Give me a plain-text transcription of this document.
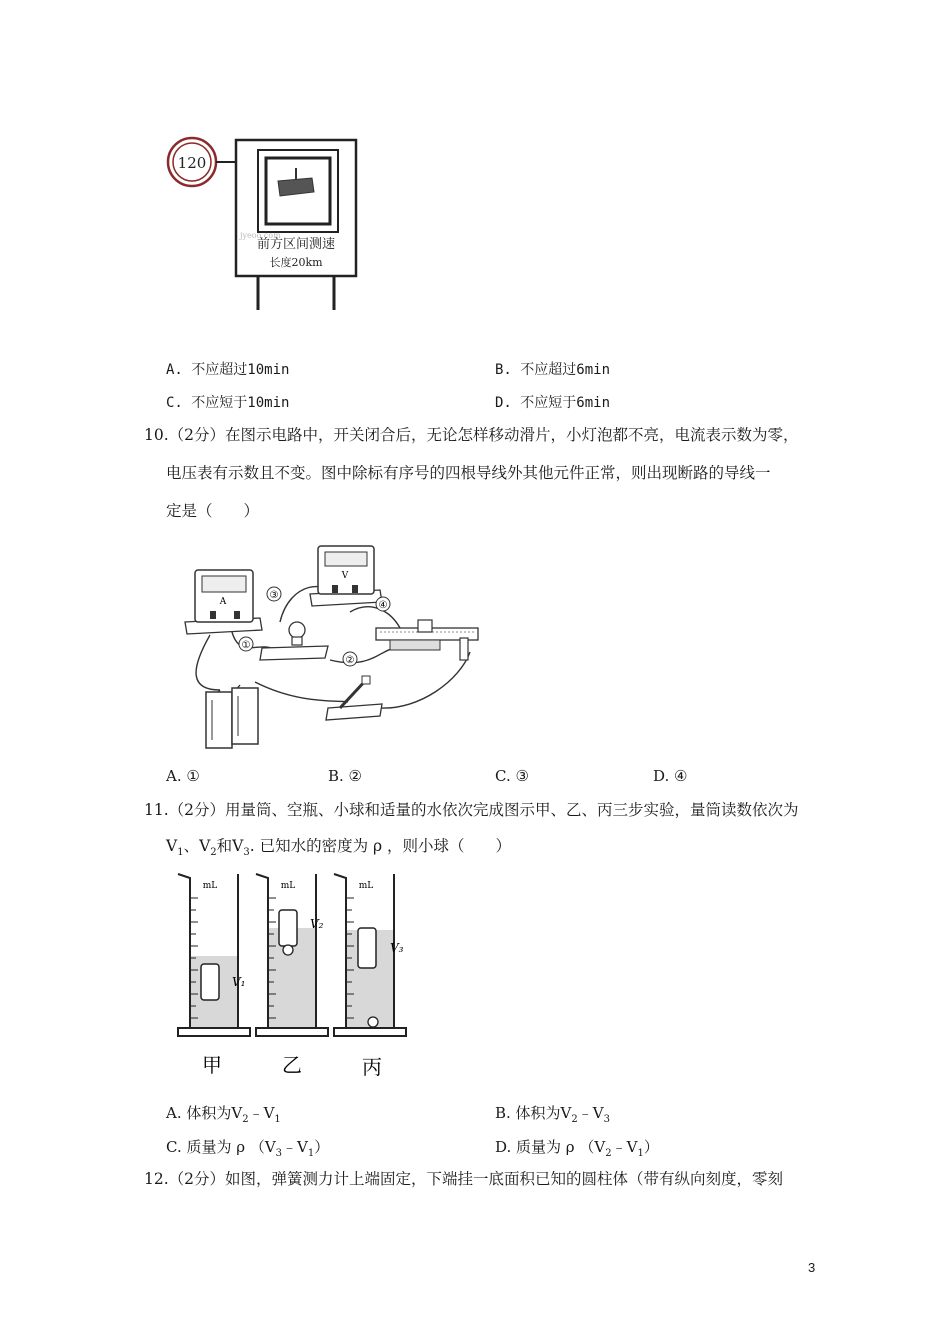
120
jyeoo.com
前方区间测速
长度20km
A. 不应超过10min	B. 不应超过6min
C. 不应短于10min	D. 不应短于6min
10.（2分）在图示电路中，开关闭合后，无论怎样移动滑片，小灯泡都不亮，电流表示数为零，
电压表有示数且不变。图中除标有序号的四根导线外其他元件正常，则出现断路的导线一
定是（　　）
A
V
①
②
③
④
A. ①	B. ②	C. ③	D. ④
11.（2分）用量筒、空瓶、小球和适量的水依次完成图示甲、乙、丙三步实验，量筒读数依次为
$V_1$、$V_2$和$V_3$. 已知水的密度为 ρ ，则小球（　　）
mL
V₁
mL
V₂
mL
V₃
甲	乙	丙
A. 体积为$V_2﹣V_1$	B. 体积为$V_2﹣V_3$
C. 质量为 ρ $(V_3﹣V_1)$	D. 质量为 ρ $(V_2﹣V_1)$
12.（2分）如图，弹簧测力计上端固定，下端挂一底面积已知的圆柱体（带有纵向刻度，零刻
3
